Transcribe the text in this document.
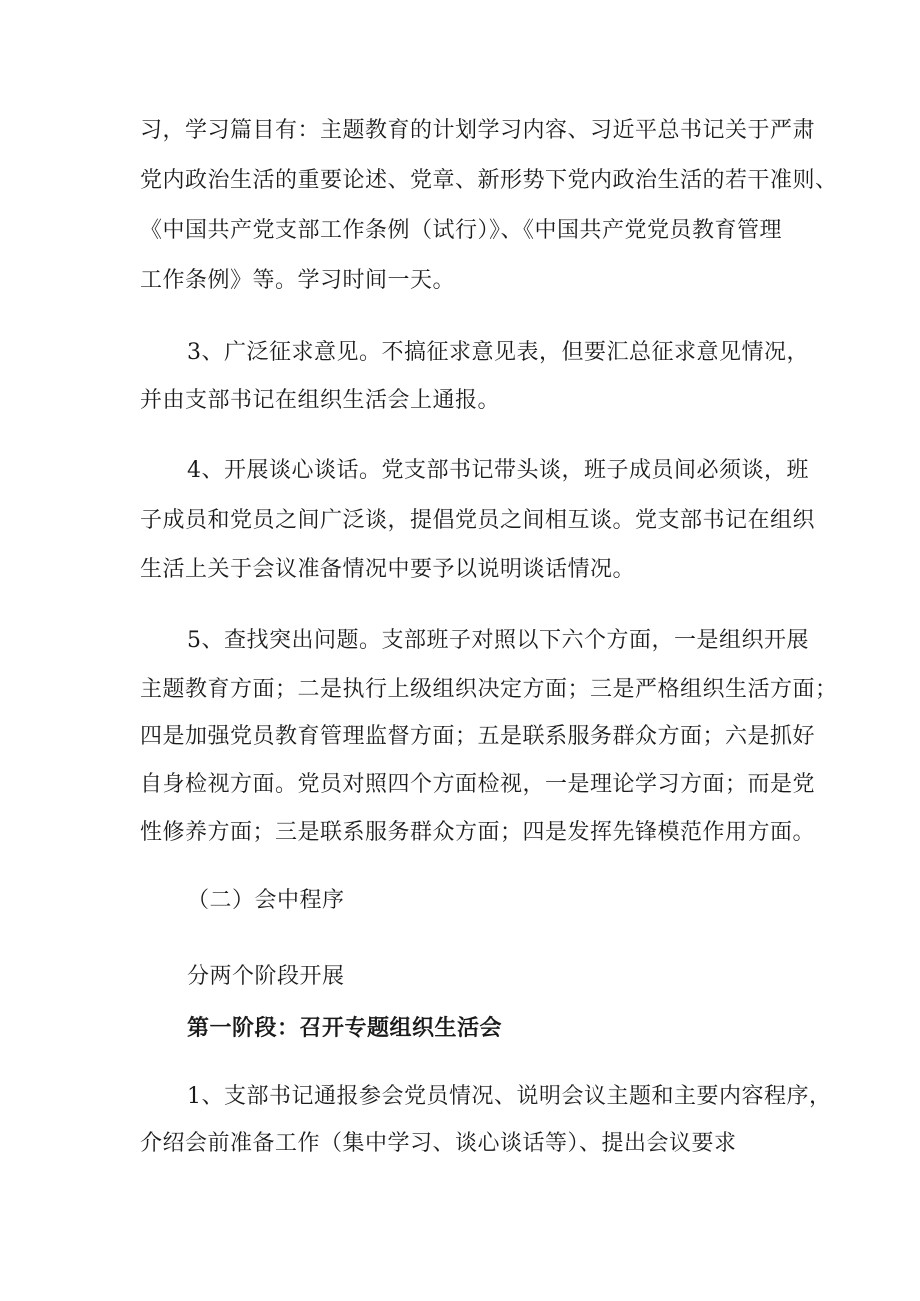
习，学习篇目有：主题教育的计划学习内容、习近平总书记关于严肃
党内政治生活的重要论述、党章、新形势下党内政治生活的若干准则、
《中国共产党支部工作条例（试行）》、《中国共产党党员教育管理
工作条例》等。学习时间一天。
3、广泛征求意见。不搞征求意见表，但要汇总征求意见情况，
并由支部书记在组织生活会上通报。
4、开展谈心谈话。党支部书记带头谈，班子成员间必须谈，班
子成员和党员之间广泛谈，提倡党员之间相互谈。党支部书记在组织
生活上关于会议准备情况中要予以说明谈话情况。
5、查找突出问题。支部班子对照以下六个方面，一是组织开展
主题教育方面；二是执行上级组织决定方面；三是严格组织生活方面；
四是加强党员教育管理监督方面；五是联系服务群众方面；六是抓好
自身检视方面。党员对照四个方面检视，一是理论学习方面；而是党
性修养方面；三是联系服务群众方面；四是发挥先锋模范作用方面。
（二）会中程序
分两个阶段开展
第一阶段：召开专题组织生活会
1、支部书记通报参会党员情况、说明会议主题和主要内容程序，
介绍会前准备工作（集中学习、谈心谈话等）、提出会议要求
